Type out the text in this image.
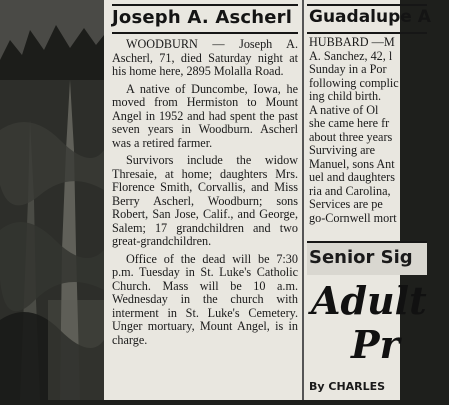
Joseph A. Ascherl

WOODBURN — Joseph A. Ascherl, 71, died Saturday night at his home here, 2895 Molalla Road.

A native of Duncombe, Iowa, he moved from Hermiston to Mount Angel in 1952 and had spent the past seven years in Woodburn. Ascherl was a retired farmer.

Survivors include the widow Thresaie, at home; daughters Mrs. Florence Smith, Corvallis, and Miss Berry Ascherl, Woodburn; sons Robert, San Jose, Calif., and George, Salem; 17 grandchildren and two great-grandchildren.

Office of the dead will be 7:30 p.m. Tuesday in St. Luke's Catholic Church. Mass will be 10 a.m. Wednesday in the church with interment in St. Luke's Cemetery. Unger mortuary, Mount Angel, is in charge.

Guadalupe A
HUBBARD —M
A. Sanchez, 42, l
Sunday in a Por
following complic
ing child birth.
A native of Ol
she came here fr
about three years
Surviving are
Manuel, sons Ant
uel and daughters
ria and Carolina,
Services are pe
go-Cornwell mort
Senior Sig
Adult
Pr
By CHARLES
